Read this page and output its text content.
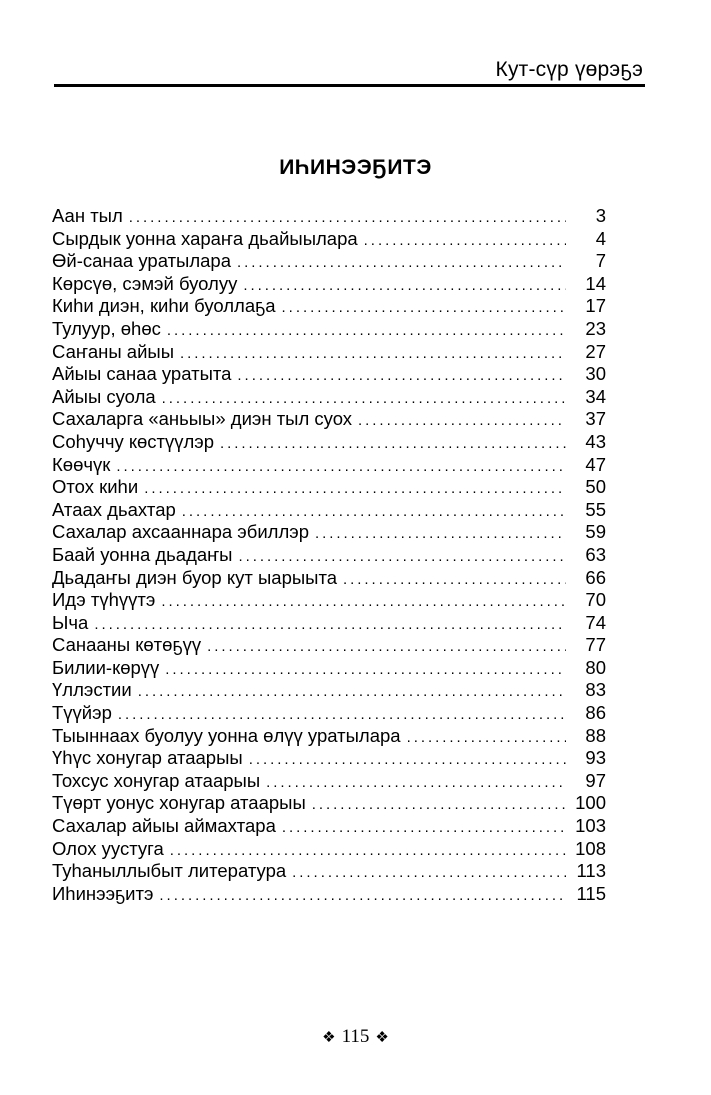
Кут-сүр үөрэҕэ
ИҺИНЭЭҔИТЭ
Аан тыл . . .	3
Сырдык уонна хараҥа дьайыылара . . .	4
Өй-санаа уратылара . . .	7
Көрсүө, сэмэй буолуу . . .	14
Киһи диэн, киһи буоллаҕа . . .	17
Тулуур, өһөс . . .	23
Саҥаны айыы . . .	27
Айыы санаа уратыта . . .	30
Айыы суола . . .	34
Сахаларга «аньыы» диэн тыл суох . . .	37
Соһуччу көстүүлэр . . .	43
Көөчүк . . .	47
Отох киһи . . .	50
Атаах дьахтар . . .	55
Сахалар ахсааннара эбиллэр . . .	59
Баай уонна дьадаҥы . . .	63
Дьадаҥы диэн буор кут ыарыыта . . .	66
Идэ түһүүтэ . . .	70
Ыча . . .	74
Санааны көтөҕүү . . .	77
Билии-көрүү . . .	80
Үллэстии . . .	83
Түүйэр . . .	86
Тыыннаах буолуу уонна өлүү уратылара . . .	88
Үһүс хонугар атаарыы . . .	93
Тохсус хонугар атаарыы . . .	97
Түөрт уонус хонугар атаарыы . . .	100
Сахалар айыы аймахтара . . .	103
Олох уустуга . . .	108
Туһаныллыбыт литература . . .	113
Иһинээҕитэ . . .	115
❖ 115 ❖
